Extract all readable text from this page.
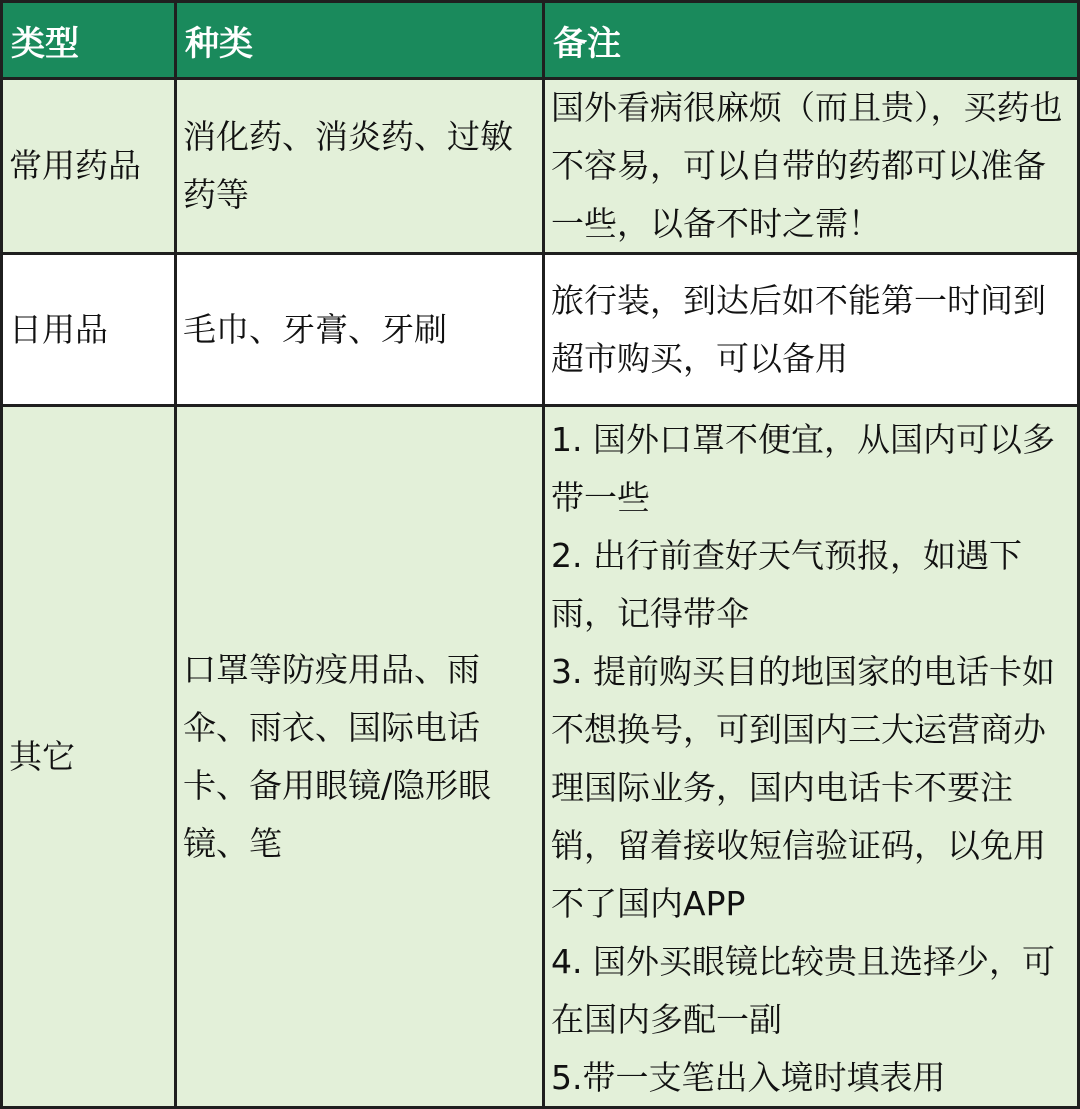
类型	种类	备注
常用药品
消化药、消炎药、过敏药等
国外看病很麻烦（而且贵），买药也不容易，可以自带的药都可以准备一些，以备不时之需！
日用品 毛巾、牙膏、牙刷
旅行装，到达后如不能第一时间到超市购买，可以备用
其它
口罩等防疫用品、雨伞、雨衣、国际电话卡、备用眼镜/隐形眼镜、笔
1. 国外口罩不便宜，从国内可以多带一些
2. 出行前查好天气预报，如遇下雨，记得带伞
3. 提前购买目的地国家的电话卡如不想换号，可到国内三大运营商办理国际业务，国内电话卡不要注销，留着接收短信验证码，以免用不了国内APP
4. 国外买眼镜比较贵且选择少，可在国内多配一副
5.带一支笔出入境时填表用
